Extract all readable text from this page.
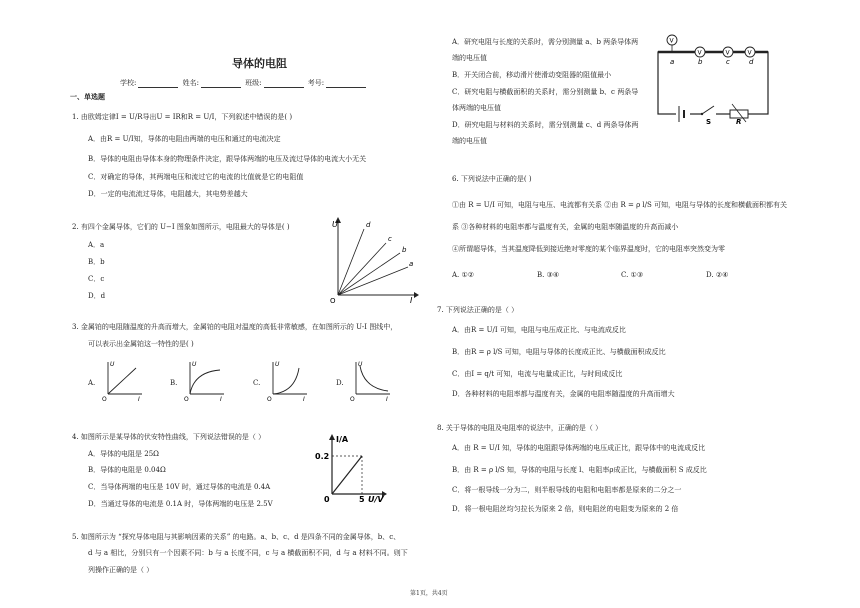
导体的电阻
学校:	姓名:	班级:	考号:
一、单选题
1. 由欧姆定律I = U/R导出U = IR和R = U/I，下列叙述中错误的是( )
A．由R = U/I知，导体的电阻由两端的电压和通过的电流决定
B．导体的电阻由导体本身的物理条件决定，跟导体两端的电压及流过导体的电流大小无关
C．对确定的导体，其两端电压和流过它的电流的比值就是它的电阻值
D．一定的电流流过导体，电阻越大，其电势差越大
2. 有四个金属导体，它们的 U−I 图象如图所示，电阻最大的导体是( )
A．a
B．b
C．c
D．d
U
I
O
d
c
b
a
3. 金属铂的电阻随温度的升高而增大，金属铂的电阻对温度的高低非常敏感，在如图所示的 U-I 图线中，
可以表示出金属铂这一特性的是( )
A.
U
I
O
B.
U
I
O
C.
U
I
O
D.
U
I
O
4. 如图所示是某导体的伏安特性曲线，下列说法错误的是（ ）
A．导体的电阻是 25Ω
B．导体的电阻是 0.04Ω
C．当导体两端的电压是 10V 时，通过导体的电流是 0.4A
D．当通过导体的电流是 0.1A 时，导体两端的电压是 2.5V
I/A
0.2
5 U/V
0
5. 如图所示为 “探究导体电阻与其影响因素的关系” 的电路。a、b、c、d 是四条不同的金属导体，b、c、
d 与 a 相比，分别只有一个因素不同：b 与 a 长度不同，c 与 a 横截面积不同，d 与 a 材料不同。则下
列操作正确的是（ ）
A．研究电阻与长度的关系时，需分别测量 a、b 两条导体两
端的电压值
B．开关闭合前，移动滑片使滑动变阻器的阻值最小
C．研究电阻与横截面积的关系时，需分别测量 b、c 两条导
体两端的电压值
D．研究电阻与材料的关系时，需分别测量 c、d 两条导体两
端的电压值
V
V	V	V
a	b	c	d
S	R
6. 下列说法中正确的是( )
①由 R = U/I 可知，电阻与电压、电流都有关系 ②由 R = ρ l/S 可知，电阻与导体的长度和横截面积都有关
系 ③各种材料的电阻率都与温度有关，金属的电阻率随温度的升高而减小
④所谓超导体，当其温度降低到接近绝对零度的某个临界温度时，它的电阻率突然变为零
A. ①②	B. ③④	C. ①③	D. ②④
7. 下列说法正确的是（ ）
A．由R = U/I 可知，电阻与电压成正比、与电流成反比
B．由R = ρ l/S 可知，电阻与导体的长度成正比、与横截面积成反比
C．由I = q/t 可知，电流与电量成正比，与时间成反比
D．各种材料的电阻率都与温度有关，金属的电阻率随温度的升高而增大
8. 关于导体的电阻及电阻率的说法中，正确的是（ ）
A．由 R = U/I 知，导体的电阻跟导体两端的电压成正比，跟导体中的电流成反比
B．由 R = ρ l/S 知，导体的电阻与长度 l、电阻率ρ成正比，与横截面积 S 成反比
C．将一根导线一分为二，则半根导线的电阻和电阻率都是原来的二分之一
D．将一根电阻丝均匀拉长为原来 2 倍，则电阻丝的电阻变为原来的 2 倍
第1页，共4页
